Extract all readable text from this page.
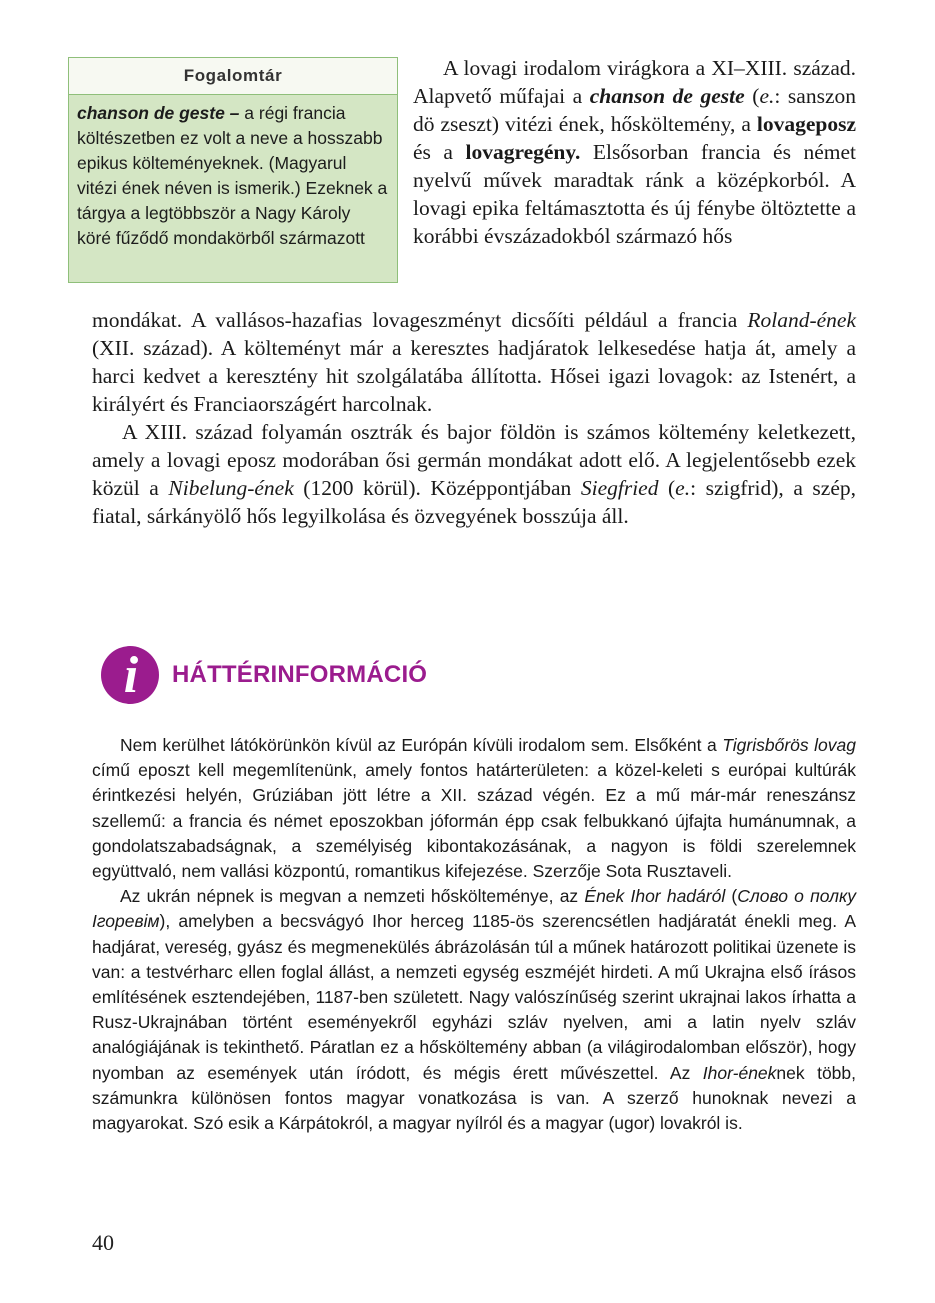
Fogalomtár
chanson de geste – a régi francia költészetben ez volt a neve a hosszabb epikus költeményeknek. (Magyarul vitézi ének néven is ismerik.) Ezeknek a tárgya a legtöbbször a Nagy Károly köré fűződő mondakörből származott

A lovagi irodalom virágkora a XI–XIII. század. Alapvető műfajai a chanson de geste (e.: sanszon dö zseszt) vitézi ének, hősköltemény, a lovageposz és a lovagregény. Elsősorban francia és német nyelvű művek maradtak ránk a középkorból. A lovagi epika feltámasztotta és új fénybe öltöztette a korábbi évszázadokból származó hős

mondákat. A vallásos-hazafias lovageszményt dicsőíti például a francia Roland-ének (XII. század). A költeményt már a keresztes hadjáratok lelkesedése hatja át, amely a harci kedvet a keresztény hit szolgálatába állította. Hősei igazi lovagok: az Istenért, a királyért és Franciaországért harcolnak.

A XIII. század folyamán osztrák és bajor földön is számos költemény keletkezett, amely a lovagi eposz modorában ősi germán mondákat adott elő. A legjelentősebb ezek közül a Nibelung-ének (1200 körül). Középpontjában Siegfried (e.: szigfrid), a szép, fiatal, sárkányölő hős legyilkolása és özvegyének bosszúja áll.

i HÁTTÉRINFORMÁCIÓ

Nem kerülhet látókörünkön kívül az Európán kívüli irodalom sem. Elsőként a Tigrisbőrös lovag című eposzt kell megemlítenünk, amely fontos határterületen: a közel-keleti s európai kultúrák érintkezési helyén, Grúziában jött létre a XII. század végén. Ez a mű már-már reneszánsz szellemű: a francia és német eposzokban jóformán épp csak felbukkanó újfajta humánumnak, a gondolatszabadságnak, a személyiség kibontakozásának, a nagyon is földi szerelemnek együttvaló, nem vallási központú, romantikus kifejezése. Szerzője Sota Rusztaveli.

Az ukrán népnek is megvan a nemzeti hőskölteménye, az Ének Ihor hadáról (Слово о полку Ігоревім), amelyben a becsvágyó Ihor herceg 1185-ös szerencsétlen hadjáratát énekli meg. A hadjárat, vereség, gyász és megmenekülés ábrázolásán túl a műnek határozott politikai üzenete is van: a testvérharc ellen foglal állást, a nemzeti egység eszméjét hirdeti. A mű Ukrajna első írásos említésének esztendejében, 1187-ben született. Nagy valószínűség szerint ukrajnai lakos írhatta a Rusz-Ukrajnában történt eseményekről egyházi szláv nyelven, ami a latin nyelv szláv analógiájának is tekinthető. Páratlan ez a hősköltemény abban (a világirodalomban először), hogy nyomban az események után íródott, és mégis érett művészettel. Az Ihor-éneknek több, számunkra különösen fontos magyar vonatkozása is van. A szerző hunoknak nevezi a magyarokat. Szó esik a Kárpátokról, a magyar nyílról és a magyar (ugor) lovakról is.

40
